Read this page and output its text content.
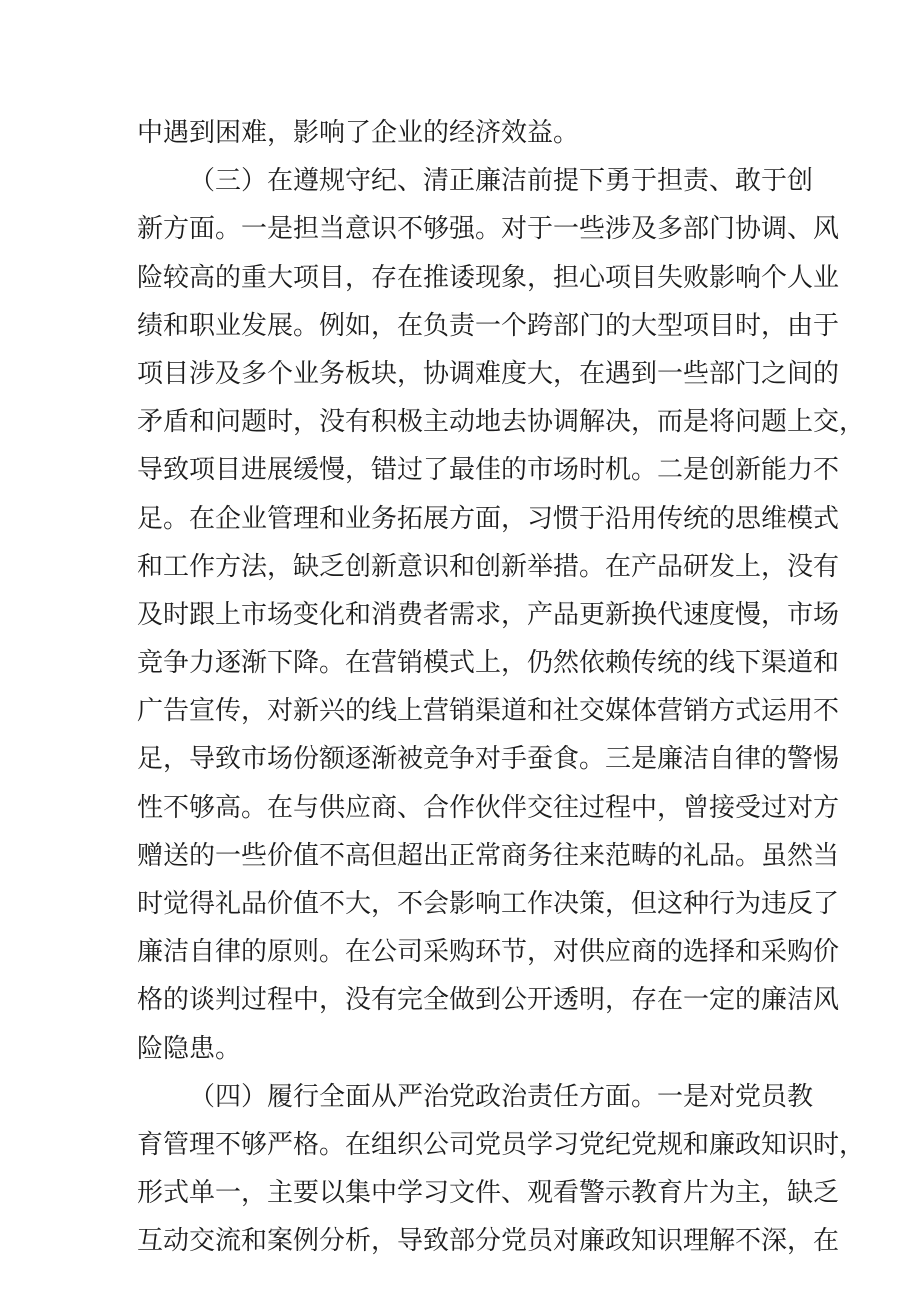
中遇到困难，影响了企业的经济效益。
（三）在遵规守纪、清正廉洁前提下勇于担责、敢于创
新方面。一是担当意识不够强。对于一些涉及多部门协调、风
险较高的重大项目，存在推诿现象，担心项目失败影响个人业
绩和职业发展。例如，在负责一个跨部门的大型项目时，由于
项目涉及多个业务板块，协调难度大，在遇到一些部门之间的
矛盾和问题时，没有积极主动地去协调解决，而是将问题上交，
导致项目进展缓慢，错过了最佳的市场时机。二是创新能力不
足。在企业管理和业务拓展方面，习惯于沿用传统的思维模式
和工作方法，缺乏创新意识和创新举措。在产品研发上，没有
及时跟上市场变化和消费者需求，产品更新换代速度慢，市场
竞争力逐渐下降。在营销模式上，仍然依赖传统的线下渠道和
广告宣传，对新兴的线上营销渠道和社交媒体营销方式运用不
足，导致市场份额逐渐被竞争对手蚕食。三是廉洁自律的警惕
性不够高。在与供应商、合作伙伴交往过程中，曾接受过对方
赠送的一些价值不高但超出正常商务往来范畴的礼品。虽然当
时觉得礼品价值不大，不会影响工作决策，但这种行为违反了
廉洁自律的原则。在公司采购环节，对供应商的选择和采购价
格的谈判过程中，没有完全做到公开透明，存在一定的廉洁风
险隐患。
（四）履行全面从严治党政治责任方面。一是对党员教
育管理不够严格。在组织公司党员学习党纪党规和廉政知识时，
形式单一，主要以集中学习文件、观看警示教育片为主，缺乏
互动交流和案例分析，导致部分党员对廉政知识理解不深，在
